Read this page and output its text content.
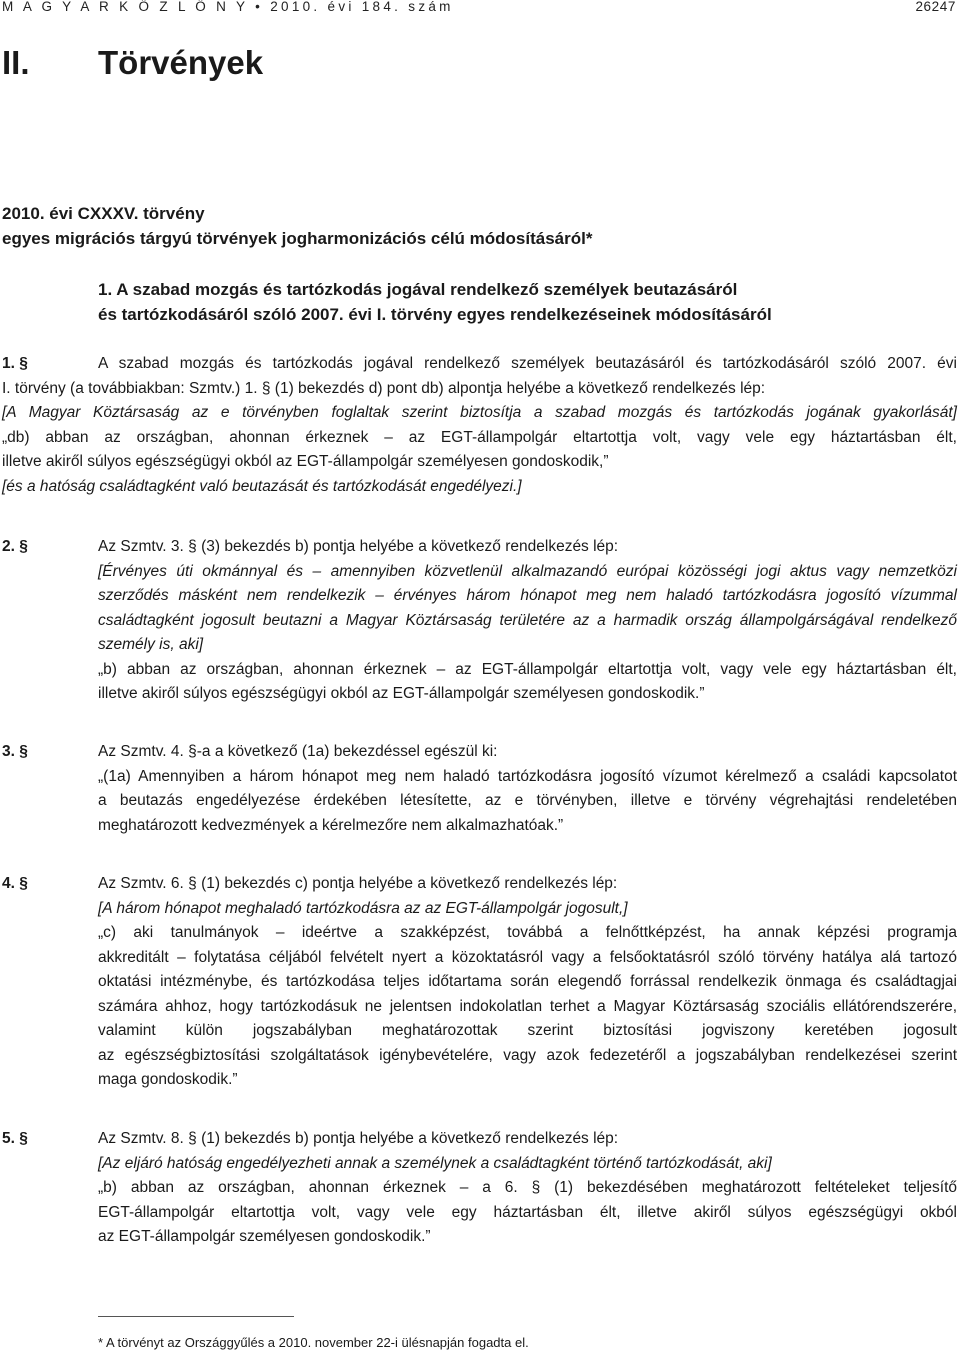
M A G Y A R K Ö Z L Ö N Y • 2010. évi 184. szám	26247
II. Törvények
2010. évi CXXXV. törvény
egyes migrációs tárgyú törvények jogharmonizációs célú módosításáról*
1. A szabad mozgás és tartózkodás jogával rendelkező személyek beutazásáról
és tartózkodásáról szóló 2007. évi I. törvény egyes rendelkezéseinek módosításáról
1. §	A szabad mozgás és tartózkodás jogával rendelkező személyek beutazásáról és tartózkodásáról szóló 2007. évi
I. törvény (a továbbiakban: Szmtv.) 1. § (1) bekezdés d) pont db) alpontja helyébe a következő rendelkezés lép:
[A Magyar Köztársaság az e törvényben foglaltak szerint biztosítja a szabad mozgás és tartózkodás jogának gyakorlását]
„db) abban az országban, ahonnan érkeznek – az EGT-állampolgár eltartottja volt, vagy vele egy háztartásban élt,
illetve akiről súlyos egészségügyi okból az EGT-állampolgár személyesen gondoskodik,”
[és a hatóság családtagként való beutazását és tartózkodását engedélyezi.]
2. §	Az Szmtv. 3. § (3) bekezdés b) pontja helyébe a következő rendelkezés lép:
[Érvényes úti okmánnyal és – amennyiben közvetlenül alkalmazandó európai közösségi jogi aktus vagy nemzetközi
szerződés másként nem rendelkezik – érvényes három hónapot meg nem haladó tartózkodásra jogosító vízummal
családtagként jogosult beutazni a Magyar Köztársaság területére az a harmadik ország állampolgárságával rendelkező
személy is, aki]
„b) abban az országban, ahonnan érkeznek – az EGT-állampolgár eltartottja volt, vagy vele egy háztartásban élt,
illetve akiről súlyos egészségügyi okból az EGT-állampolgár személyesen gondoskodik.”
3. §	Az Szmtv. 4. §-a a következő (1a) bekezdéssel egészül ki:
„(1a) Amennyiben a három hónapot meg nem haladó tartózkodásra jogosító vízumot kérelmező a családi kapcsolatot
a beutazás engedélyezése érdekében létesítette, az e törvényben, illetve e törvény végrehajtási rendeletében
meghatározott kedvezmények a kérelmezőre nem alkalmazhatóak.”
4. §	Az Szmtv. 6. § (1) bekezdés c) pontja helyébe a következő rendelkezés lép:
[A három hónapot meghaladó tartózkodásra az az EGT-állampolgár jogosult,]
„c) aki tanulmányok – ideértve a szakképzést, továbbá a felnőttképzést, ha annak képzési programja
akkreditált – folytatása céljából felvételt nyert a közoktatásról vagy a felsőoktatásról szóló törvény hatálya alá tartozó
oktatási intézménybe, és tartózkodása teljes időtartama során elegendő forrással rendelkezik önmaga és családtagjai
számára ahhoz, hogy tartózkodásuk ne jelentsen indokolatlan terhet a Magyar Köztársaság szociális ellátórendszerére,
valamint külön jogszabályban meghatározottak szerint biztosítási jogviszony keretében jogosult
az egészségbiztosítási szolgáltatások igénybevételére, vagy azok fedezetéről a jogszabályban rendelkezései szerint
maga gondoskodik.”
5. §	Az Szmtv. 8. § (1) bekezdés b) pontja helyébe a következő rendelkezés lép:
[Az eljáró hatóság engedélyezheti annak a személynek a családtagként történő tartózkodását, aki]
„b) abban az országban, ahonnan érkeznek – a 6. § (1) bekezdésében meghatározott feltételeket teljesítő
EGT-állampolgár eltartottja volt, vagy vele egy háztartásban élt, illetve akiről súlyos egészségügyi okból
az EGT-állampolgár személyesen gondoskodik.”
* A törvényt az Országgyűlés a 2010. november 22-i ülésnapján fogadta el.
